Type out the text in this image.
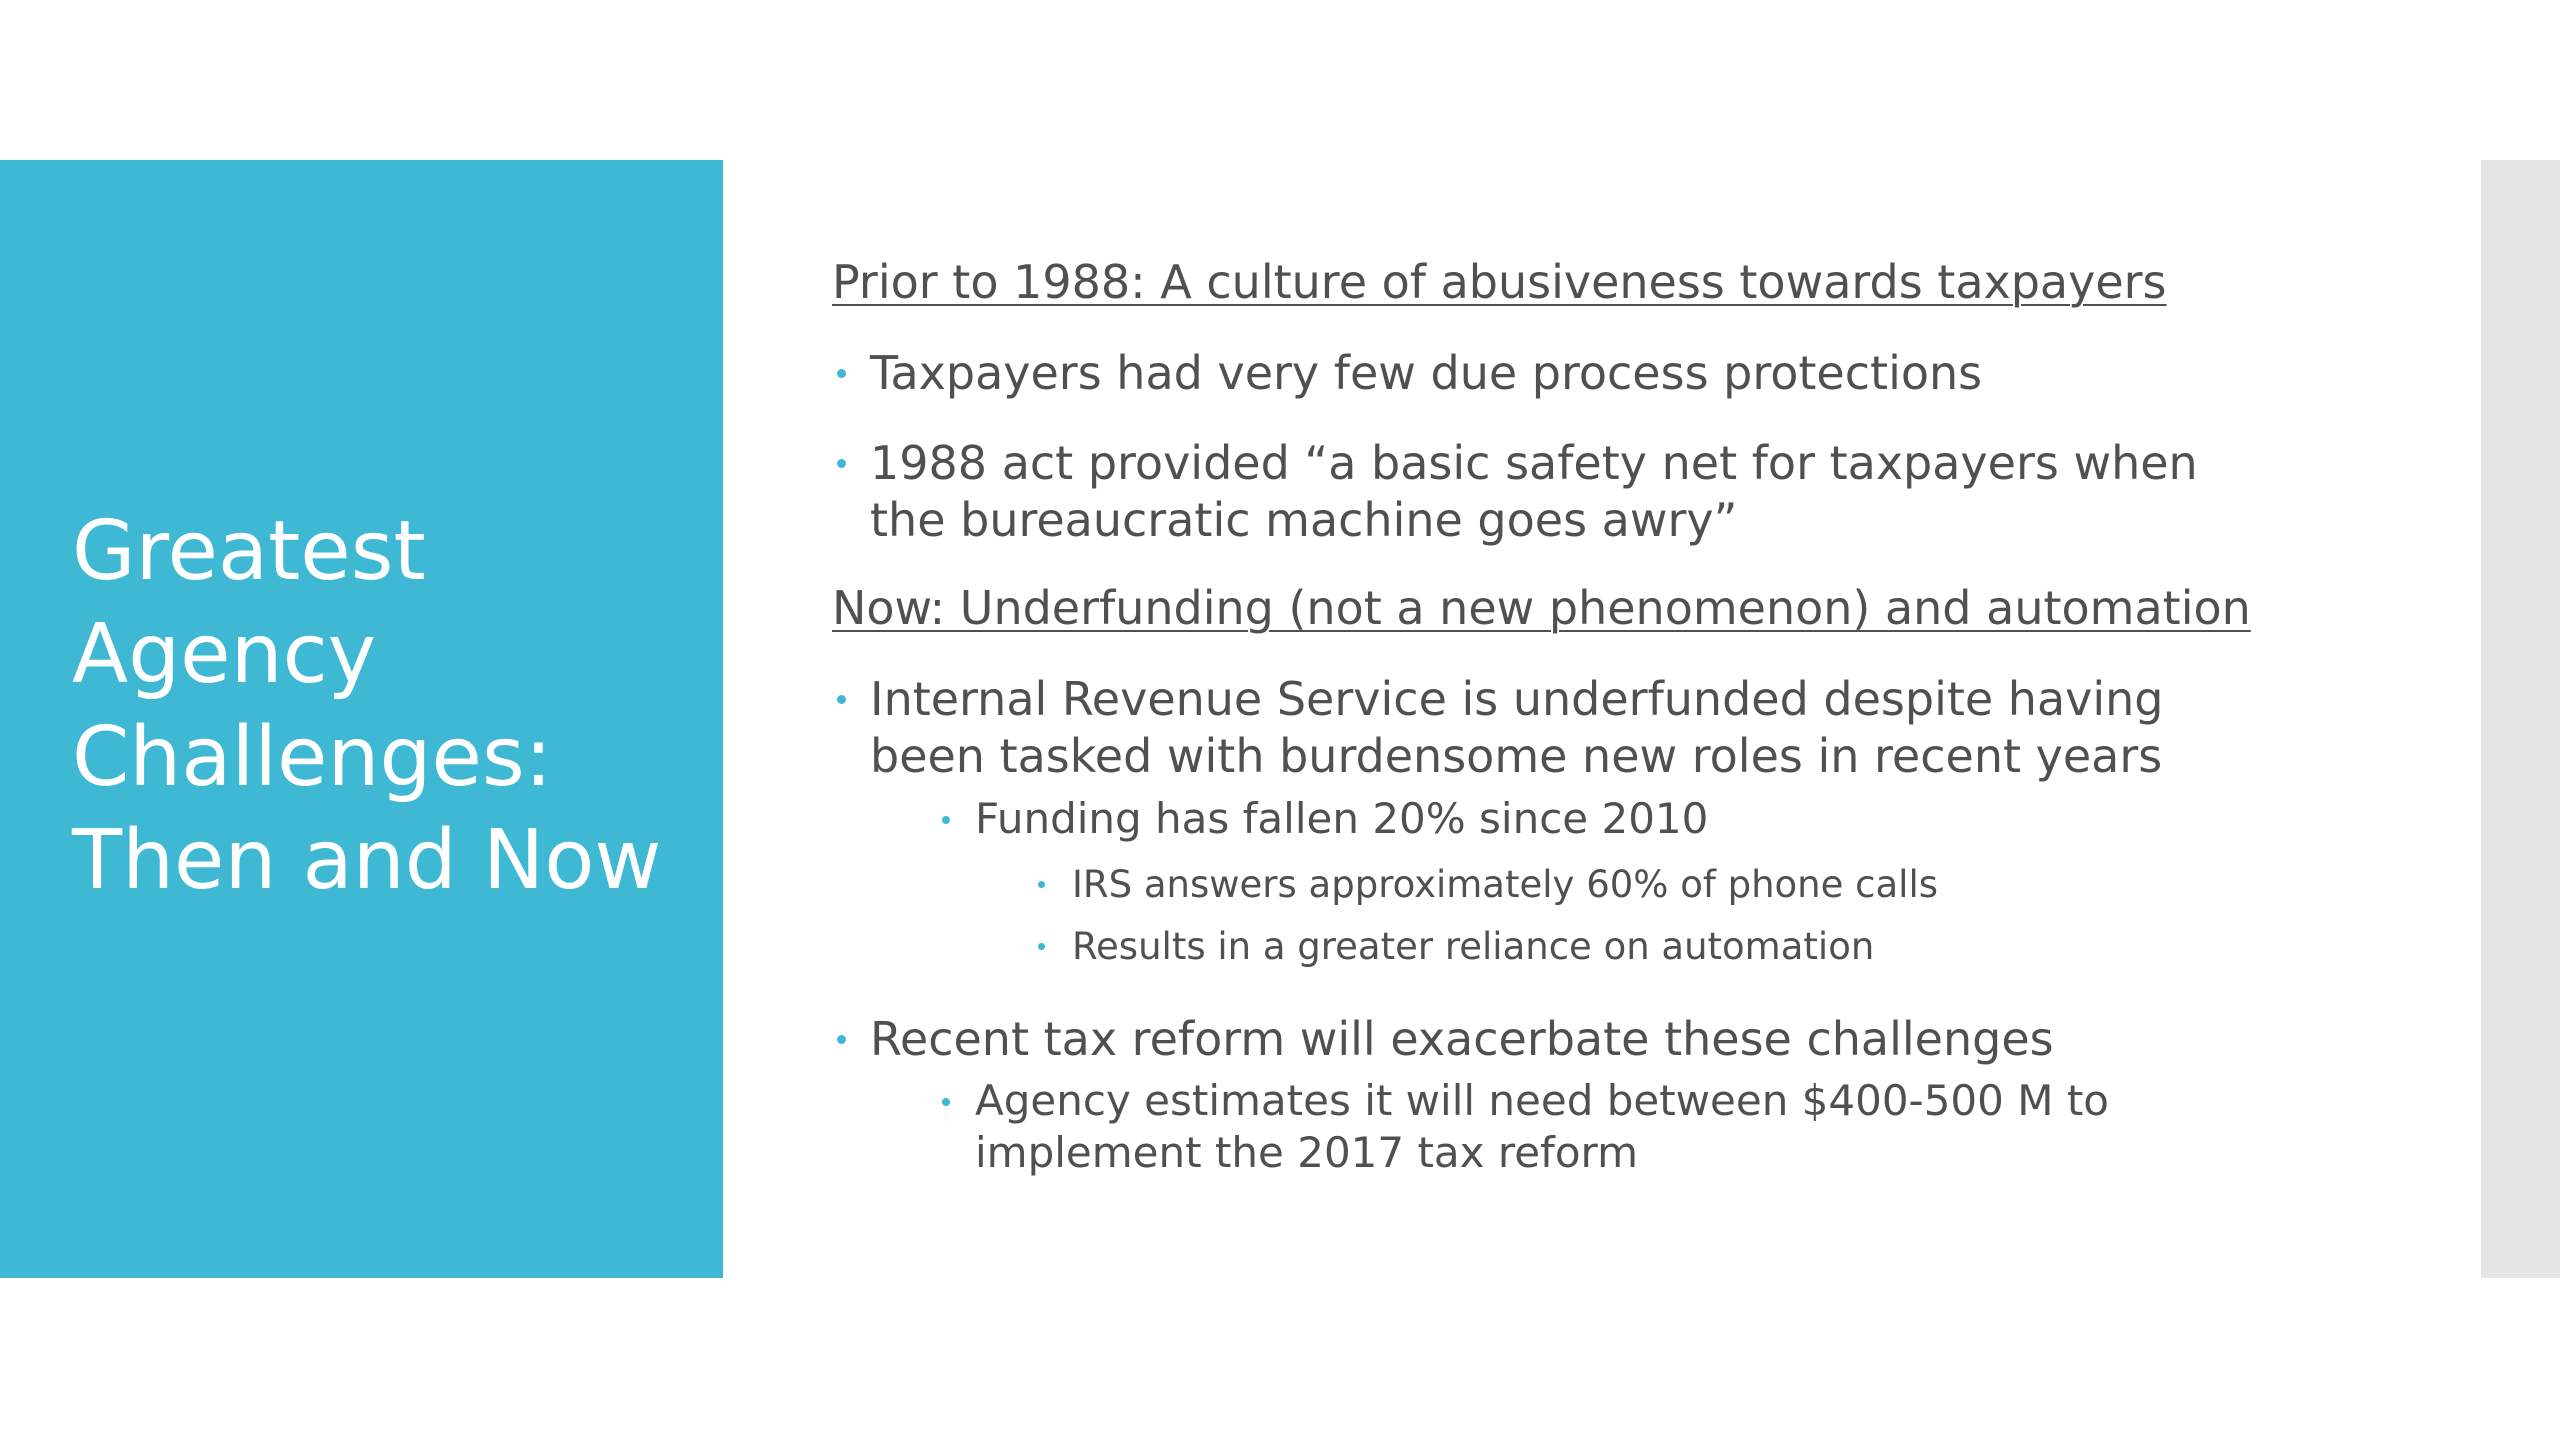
Greatest
Agency
Challenges:
Then and Now
Prior to 1988: A culture of abusiveness towards taxpayers
Taxpayers had very few due process protections
1988 act provided “a basic safety net for taxpayers when the bureaucratic machine goes awry”
Now: Underfunding (not a new phenomenon) and automation
Internal Revenue Service is underfunded despite having been tasked with burdensome new roles in recent years
Funding has fallen 20% since 2010
IRS answers approximately 60% of phone calls
Results in a greater reliance on automation
Recent tax reform will exacerbate these challenges
Agency estimates it will need between $400-500 M to implement the 2017 tax reform
